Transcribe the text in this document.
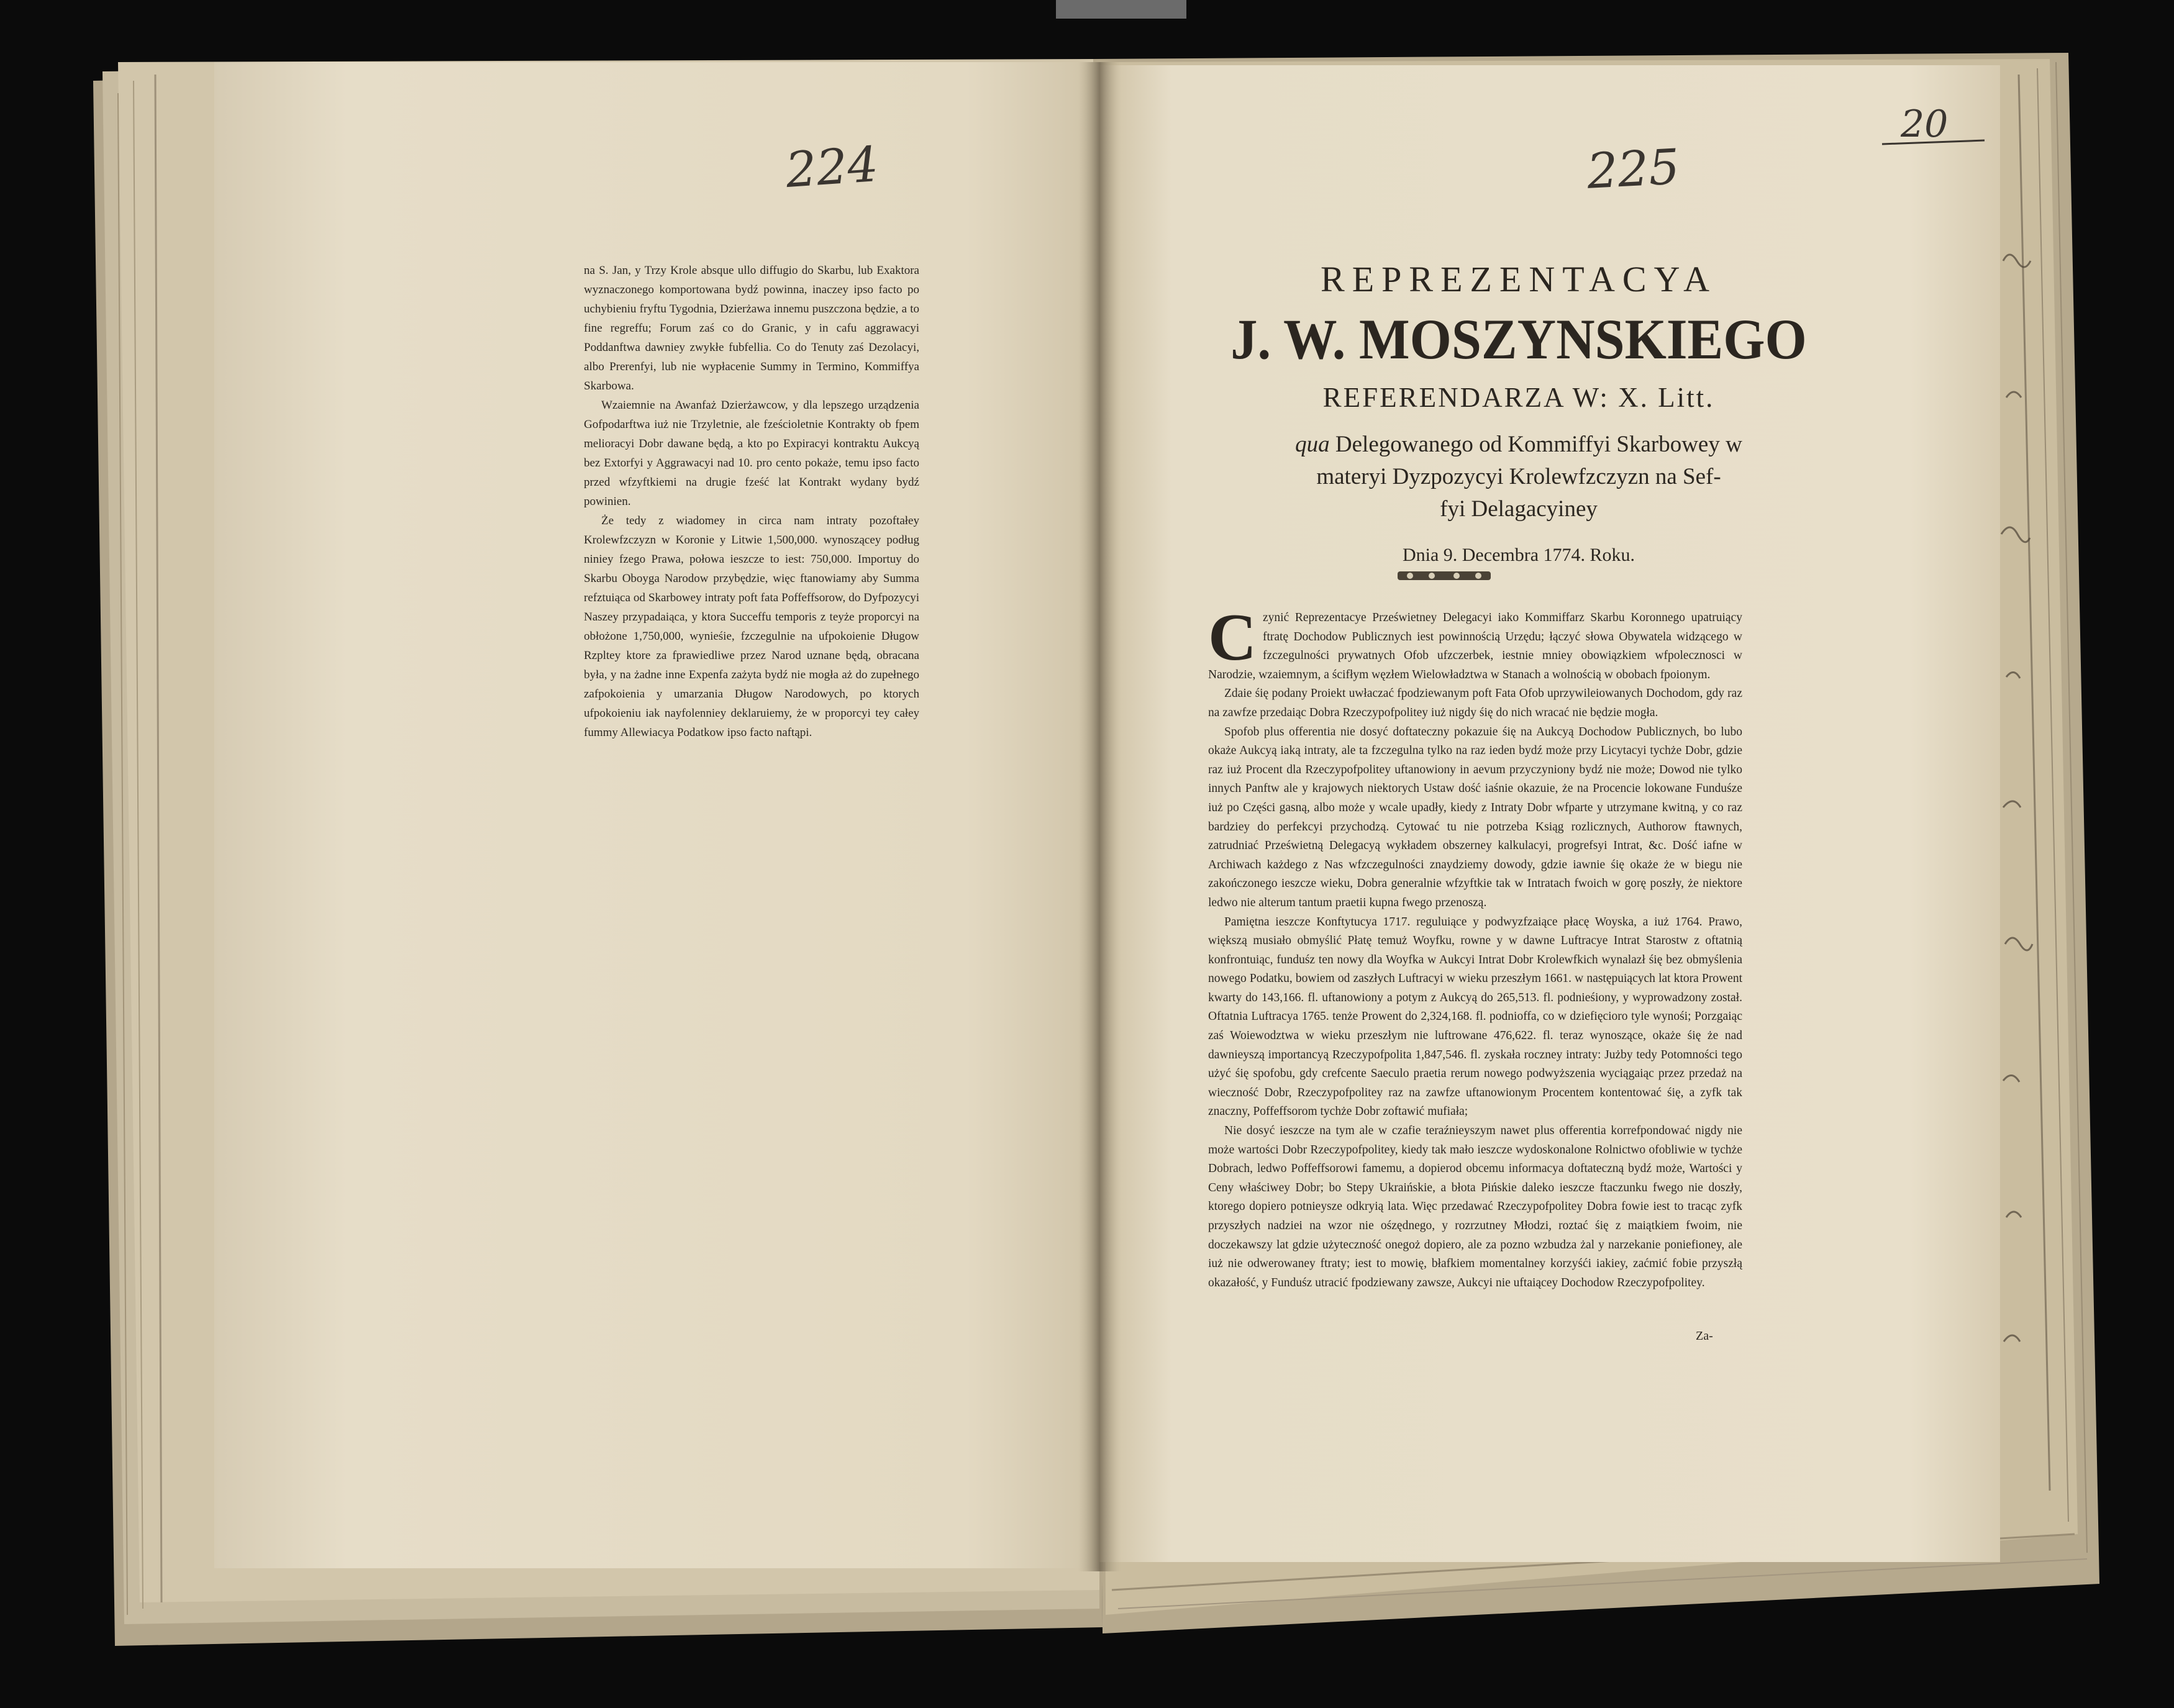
224	225
20

na S. Jan, y Trzy Krole absque ullo diffugio do Skarbu, lub Exaktora wyznaczonego komportowana bydź powinna, inaczey ipso facto po uchybieniu fryftu Tygodnia, Dzierżawa innemu puszczona będzie, a to fine regreffu; Forum zaś co do Granic, y in cafu aggrawacyi Poddanftwa dawniey zwykłe fubfellia. Co do Tenuty zaś Dezolacyi, albo Prerenfyi, lub nie wypłacenie Summy in Termino, Kommiffya Skarbowa.

Wzaiemnie na Awanfaż Dzierżawcow, y dla lepszego urządzenia Gofpodarftwa iuż nie Trzyletnie, ale fześcioletnie Kontrakty ob fpem melioracyi Dobr dawane będą, a kto po Expiracyi kontraktu Aukcyą bez Extorfyi y Aggrawacyi nad 10. pro cento pokaże, temu ipso facto przed wfzyftkiemi na drugie fześć lat Kontrakt wydany bydź powinien.

Że tedy z wiadomey in circa nam intraty pozoftałey Krolewfzczyzn w Koronie y Litwie 1,500,000. wynoszącey podług niniey fzego Prawa, połowa ieszcze to iest: 750,000. Importuy do Skarbu Oboyga Narodow przybędzie, więc ftanowiamy aby Summa refztuiąca od Skarbowey intraty poft fata Poffeffsorow, do Dyfpozycyi Naszey przypadaiąca, y ktora Succeffu temporis z teyże proporcyi na obłożone 1,750,000, wynieśie, fzczegulnie na ufpokoienie Długow Rzpltey ktore za fprawiedliwe przez Narod uznane będą, obracana była, y na żadne inne Expenfa zażyta bydź nie mogła aż do zupełnego zafpokoienia y umarzania Długow Narodowych, po ktorych ufpokoieniu iak nayfolenniey deklaruiemy, że w proporcyi tey całey fummy Allewiacya Podatkow ipso facto naftąpi.

REPREZENTACYA

J. W. MOSZYNSKIEGO

REFERENDARZA W: X. Litt.

qua Delegowanego od Kommiffyi Skarbowey w
materyi Dyzpozycyi Krolewfzczyzn na Sef-
fyi Delagacyiney

Dnia 9. Decembra 1774. Roku.

Czynić Reprezentacye Prześwietney Delegacyi iako Kommiffarz Skarbu Koronnego upatruiący ftratę Dochodow Publicznych iest powinnością Urzędu; łączyć słowa Obywatela widzącego w fzczegulności prywatnych Ofob ufzczerbek, iestnie mniey obowiązkiem wfpolecznosci w Narodzie, wzaiemnym, a ścifłym węzłem Wielowładztwa w Stanach a wolnością w obobach fpoionym.

Zdaie śię podany Proiekt uwłaczać fpodziewanym poft Fata Ofob uprzywileiowanych Dochodom, gdy raz na zawfze przedaiąc Dobra Rzeczypofpolitey iuż nigdy śię do nich wracać nie będzie mogła.

Spofob plus offerentia nie dosyć doftateczny pokazuie śię na Aukcyą Dochodow Publicznych, bo lubo okaże Aukcyą iaką intraty, ale ta fzczegulna tylko na raz ieden bydź może przy Licytacyi tychże Dobr, gdzie raz iuż Procent dla Rzeczypofpolitey uftanowiony in aevum przyczyniony bydź nie może; Dowod nie tylko innych Panftw ale y krajowych niektorych Ustaw dość iaśnie okazuie, że na Procencie lokowane Funduśze iuż po Części gasną, albo może y wcale upadły, kiedy z Intraty Dobr wfparte y utrzymane kwitną, y co raz bardziey do perfekcyi przychodzą. Cytować tu nie potrzeba Ksiąg rozlicznych, Authorow ftawnych, zatrudniać Prześwietną Delegacyą wykładem obszerney kalkulacyi, progrefsyi Intrat, &c. Dość iafne w Archiwach każdego z Nas wfzczegulności znaydziemy dowody, gdzie iawnie śię okaże że w biegu nie zakończonego ieszcze wieku, Dobra generalnie wfzyftkie tak w Intratach fwoich w gorę poszły, że niektore ledwo nie alterum tantum praetii kupna fwego przenoszą.

Pamiętna ieszcze Konftytucya 1717. reguluiące y podwyzfzaiące płacę Woyska, a iuż 1764. Prawo, większą musiało obmyślić Płatę temuż Woyfku, rowne y w dawne Luftracye Intrat Starostw z oftatnią konfrontuiąc, funduśz ten nowy dla Woyfka w Aukcyi Intrat Dobr Krolewfkich wynalazł śię bez obmyślenia nowego Podatku, bowiem od zaszłych Luftracyi w wieku przeszłym 1661. w następuiących lat ktora Prowent kwarty do 143,166. fl. uftanowiony a potym z Aukcyą do 265,513. fl. podnieśiony, y wyprowadzony został. Oftatnia Luftracya 1765. tenże Prowent do 2,324,168. fl. podnioffa, co w dziefięcioro tyle wynośi; Porzgaiąc zaś Woiewodztwa w wieku przeszłym nie luftrowane 476,622. fl. teraz wynoszące, okaże śię że nad dawnieyszą importancyą Rzeczypofpolita 1,847,546. fl. zyskała roczney intraty: Jużby tedy Potomności tego użyć śię spofobu, gdy crefcente Saeculo praetia rerum nowego podwyższenia wyciągaiąc przez przedaż na wieczność Dobr, Rzeczypofpolitey raz na zawfze uftanowionym Procentem kontentować śię, a zyfk tak znaczny, Poffeffsorom tychże Dobr zoftawić mufiała;

Nie dosyć ieszcze na tym ale w czafie teraźnieyszym nawet plus offerentia korrefpondować nigdy nie może wartości Dobr Rzeczypofpolitey, kiedy tak mało ieszcze wydoskonalone Rolnictwo ofobliwie w tychże Dobrach, ledwo Poffeffsorowi famemu, a dopierod obcemu informacya doftateczną bydź może, Wartości y Ceny właściwey Dobr; bo Stepy Ukraińskie, a błota Pińskie daleko ieszcze ftaczunku fwego nie doszły, ktorego dopiero potnieysze odkryią lata. Więc przedawać Rzeczypofpolitey Dobra fowie iest to tracąc zyfk przyszłych nadziei na wzor nie ośzędnego, y rozrzutney Młodzi, roztać śię z maiątkiem fwoim, nie doczekawszy lat gdzie użyteczność onegoż dopiero, ale za pozno wzbudza żal y narzekanie poniefioney, ale iuż nie odwerowaney ftraty; iest to mowię, błafkiem momentalney korzyśći iakiey, zaćmić fobie przyszłą okazałość, y Funduśz utracić fpodziewany zawsze, Aukcyi nie uftaiącey Dochodow Rzeczypofpolitey.

Za-
